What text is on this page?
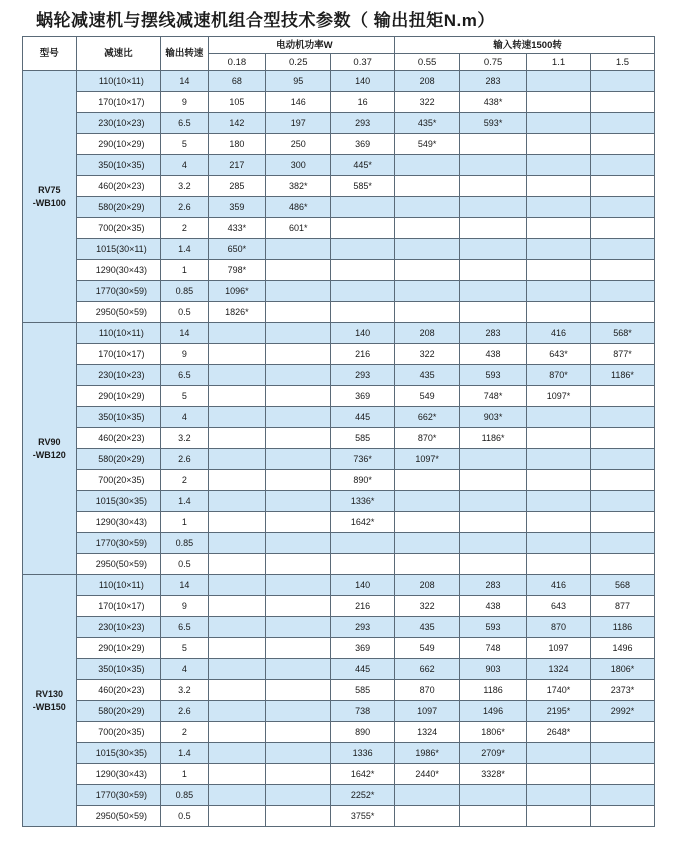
蜗轮减速机与摆线减速机组合型技术参数（ 输出扭矩N.m）
型号	减速比	输出转速	电动机功率W			输入转速1500转			
			0.18	0.25	0.37	0.55	0.75	1.1	1.5
RV75
-WB100	110(10×11)	14	68	95	140	208	283		
	170(10×17)	9	105	146	16	322	438*		
	230(10×23)	6.5	142	197	293	435*	593*		
	290(10×29)	5	180	250	369	549*			
	350(10×35)	4	217	300	445*				
	460(20×23)	3.2	285	382*	585*				
	580(20×29)	2.6	359	486*					
	700(20×35)	2	433*	601*					
	1015(30×11)	1.4	650*						
	1290(30×43)	1	798*						
	1770(30×59)	0.85	1096*						
	2950(50×59)	0.5	1826*						
RV90
-WB120	110(10×11)	14			140	208	283	416	568*
	170(10×17)	9			216	322	438	643*	877*
	230(10×23)	6.5			293	435	593	870*	1186*
	290(10×29)	5			369	549	748*	1097*	
	350(10×35)	4			445	662*	903*		
	460(20×23)	3.2			585	870*	1186*		
	580(20×29)	2.6			736*	1097*			
	700(20×35)	2			890*				
	1015(30×35)	1.4			1336*				
	1290(30×43)	1			1642*				
	1770(30×59)	0.85							
	2950(50×59)	0.5							
RV130
-WB150	110(10×11)	14			140	208	283	416	568
	170(10×17)	9			216	322	438	643	877
	230(10×23)	6.5			293	435	593	870	1186
	290(10×29)	5			369	549	748	1097	1496
	350(10×35)	4			445	662	903	1324	1806*
	460(20×23)	3.2			585	870	1186	1740*	2373*
	580(20×29)	2.6			738	1097	1496	2195*	2992*
	700(20×35)	2			890	1324	1806*	2648*	
	1015(30×35)	1.4			1336	1986*	2709*		
	1290(30×43)	1			1642*	2440*	3328*		
	1770(30×59)	0.85			2252*				
	2950(50×59)	0.5			3755*				
